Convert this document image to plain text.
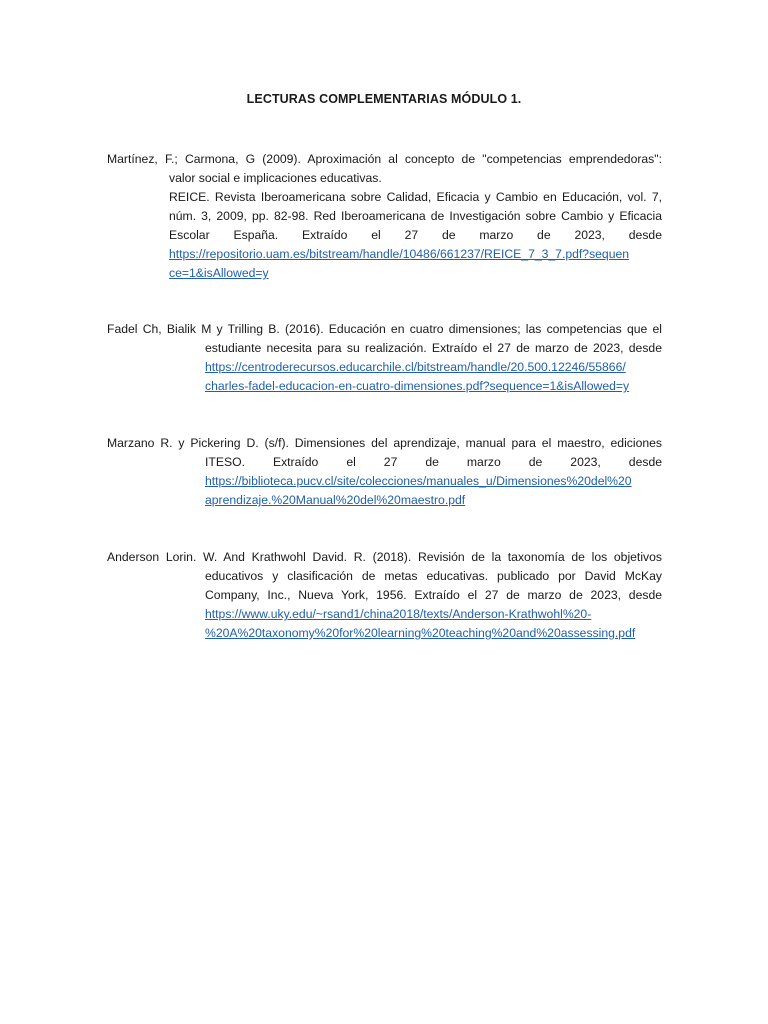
LECTURAS COMPLEMENTARIAS MÓDULO 1.
Martínez, F.; Carmona, G (2009). Aproximación al concepto de "competencias emprendedoras":
valor social e implicaciones educativas.
REICE. Revista Iberoamericana sobre Calidad, Eficacia y Cambio en Educación, vol. 7,
núm. 3, 2009, pp. 82-98. Red Iberoamericana de Investigación sobre Cambio y Eficacia
Escolar España. Extraído el 27 de marzo de 2023, desde
https://repositorio.uam.es/bitstream/handle/10486/661237/REICE_7_3_7.pdf?sequen
ce=1&isAllowed=y
Fadel Ch, Bialik M y Trilling B. (2016). Educación en cuatro dimensiones; las competencias que el
estudiante necesita para su realización. Extraído el 27 de marzo de 2023, desde
https://centroderecursos.educarchile.cl/bitstream/handle/20.500.12246/55866/
charles-fadel-educacion-en-cuatro-dimensiones.pdf?sequence=1&isAllowed=y
Marzano R. y Pickering D. (s/f). Dimensiones del aprendizaje, manual para el maestro, ediciones
ITESO. Extraído el 27 de marzo de 2023, desde
https://biblioteca.pucv.cl/site/colecciones/manuales_u/Dimensiones%20del%20
aprendizaje.%20Manual%20del%20maestro.pdf
Anderson Lorin. W. And Krathwohl David. R. (2018). Revisión de la taxonomía de los objetivos
educativos y clasificación de metas educativas. publicado por David McKay
Company, Inc., Nueva York, 1956. Extraído el 27 de marzo de 2023, desde
https://www.uky.edu/~rsand1/china2018/texts/Anderson-Krathwohl%20-
%20A%20taxonomy%20for%20learning%20teaching%20and%20assessing.pdf
